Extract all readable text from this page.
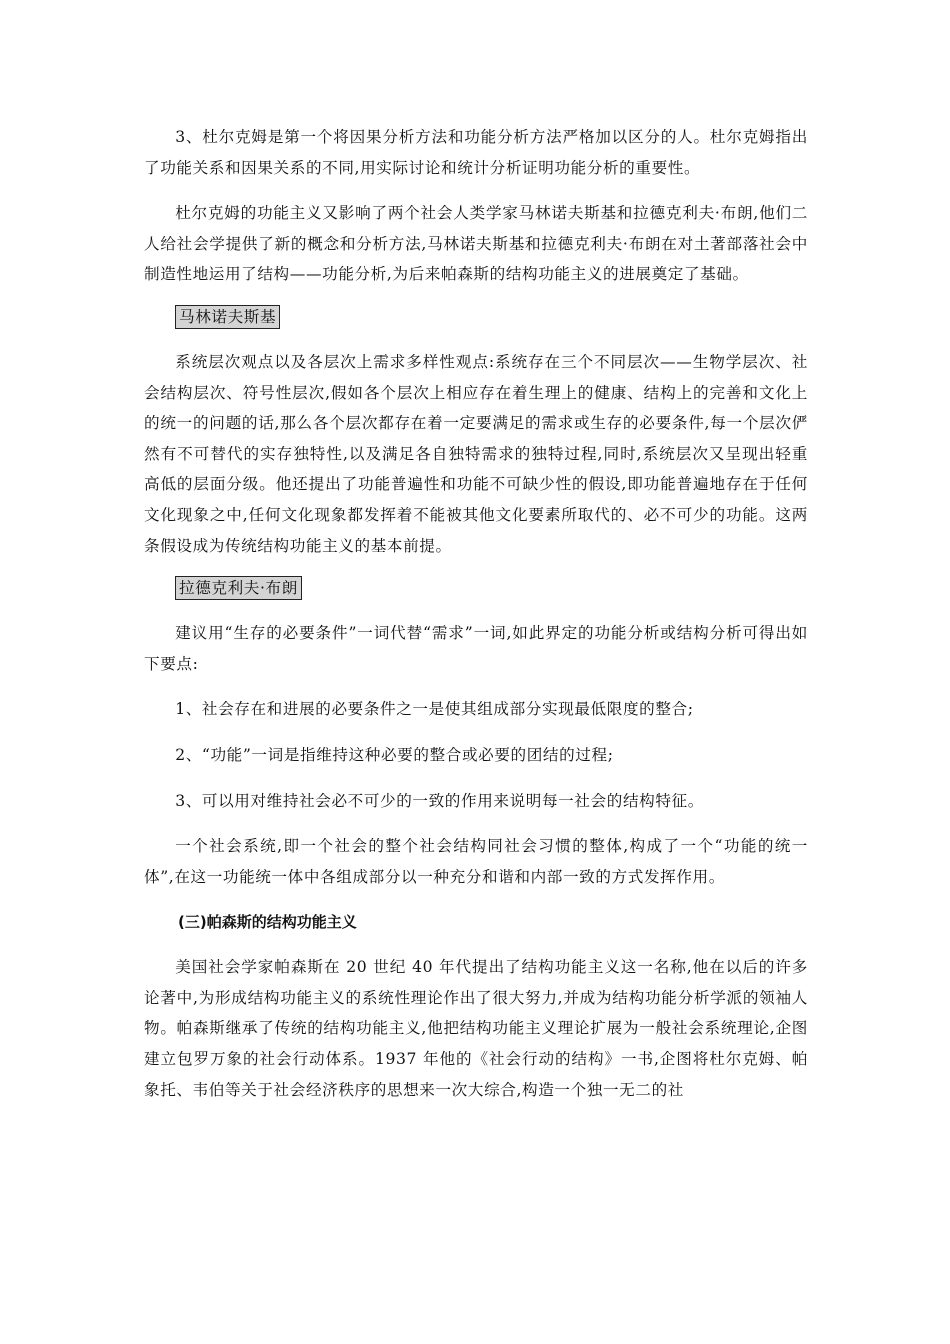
3、杜尔克姆是第一个将因果分析方法和功能分析方法严格加以区分的人。杜尔克姆指出了功能关系和因果关系的不同,用实际讨论和统计分析证明功能分析的重要性。

杜尔克姆的功能主义又影响了两个社会人类学家马林诺夫斯基和拉德克利夫·布朗,他们二人给社会学提供了新的概念和分析方法,马林诺夫斯基和拉德克利夫·布朗在对土著部落社会中制造性地运用了结构——功能分析,为后来帕森斯的结构功能主义的进展奠定了基础。

马林诺夫斯基

系统层次观点以及各层次上需求多样性观点:系统存在三个不同层次——生物学层次、社会结构层次、符号性层次,假如各个层次上相应存在着生理上的健康、结构上的完善和文化上的统一的问题的话,那么各个层次都存在着一定要满足的需求或生存的必要条件,每一个层次俨然有不可替代的实存独特性,以及满足各自独特需求的独特过程,同时,系统层次又呈现出轻重高低的层面分级。他还提出了功能普遍性和功能不可缺少性的假设,即功能普遍地存在于任何文化现象之中,任何文化现象都发挥着不能被其他文化要素所取代的、必不可少的功能。这两条假设成为传统结构功能主义的基本前提。

拉德克利夫·布朗

建议用“生存的必要条件”一词代替“需求”一词,如此界定的功能分析或结构分析可得出如下要点:

1、社会存在和进展的必要条件之一是使其组成部分实现最低限度的整合;

2、“功能”一词是指维持这种必要的整合或必要的团结的过程;

3、可以用对维持社会必不可少的一致的作用来说明每一社会的结构特征。

一个社会系统,即一个社会的整个社会结构同社会习惯的整体,构成了一个“功能的统一体”,在这一功能统一体中各组成部分以一种充分和谐和内部一致的方式发挥作用。

(三)帕森斯的结构功能主义

美国社会学家帕森斯在 20 世纪 40 年代提出了结构功能主义这一名称,他在以后的许多论著中,为形成结构功能主义的系统性理论作出了很大努力,并成为结构功能分析学派的领袖人物。帕森斯继承了传统的结构功能主义,他把结构功能主义理论扩展为一般社会系统理论,企图建立包罗万象的社会行动体系。1937 年他的《社会行动的结构》一书,企图将杜尔克姆、帕象托、韦伯等关于社会经济秩序的思想来一次大综合,构造一个独一无二的社
